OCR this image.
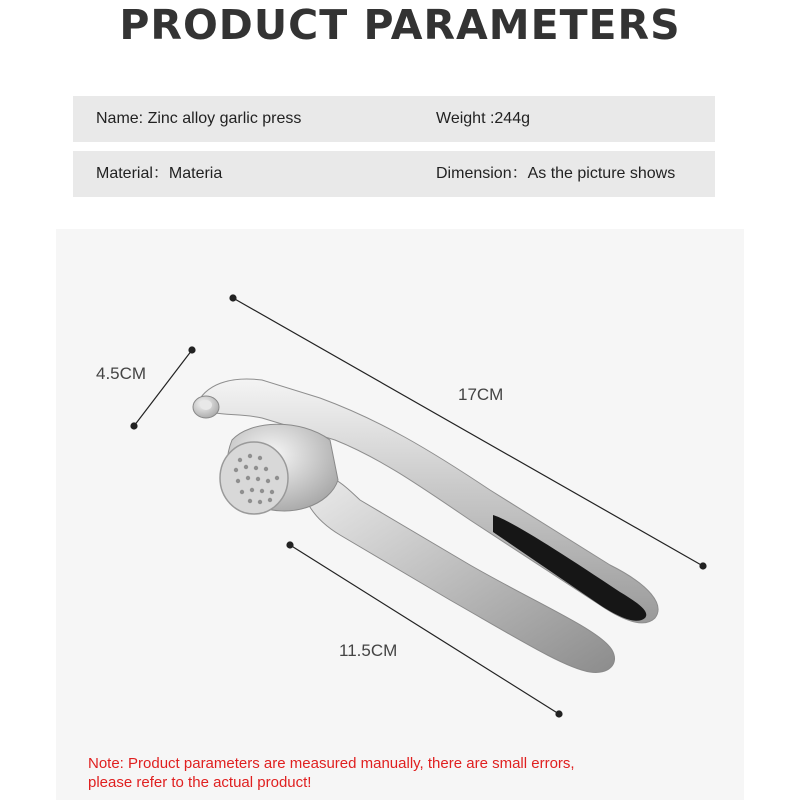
PRODUCT PARAMETERS
Name: Zinc alloy garlic press	Weight :244g
Material：Materia	Dimension：As the picture shows
4.5CM
17CM
11.5CM
Note: Product parameters are measured manually, there are small errors,
please refer to the actual product!
